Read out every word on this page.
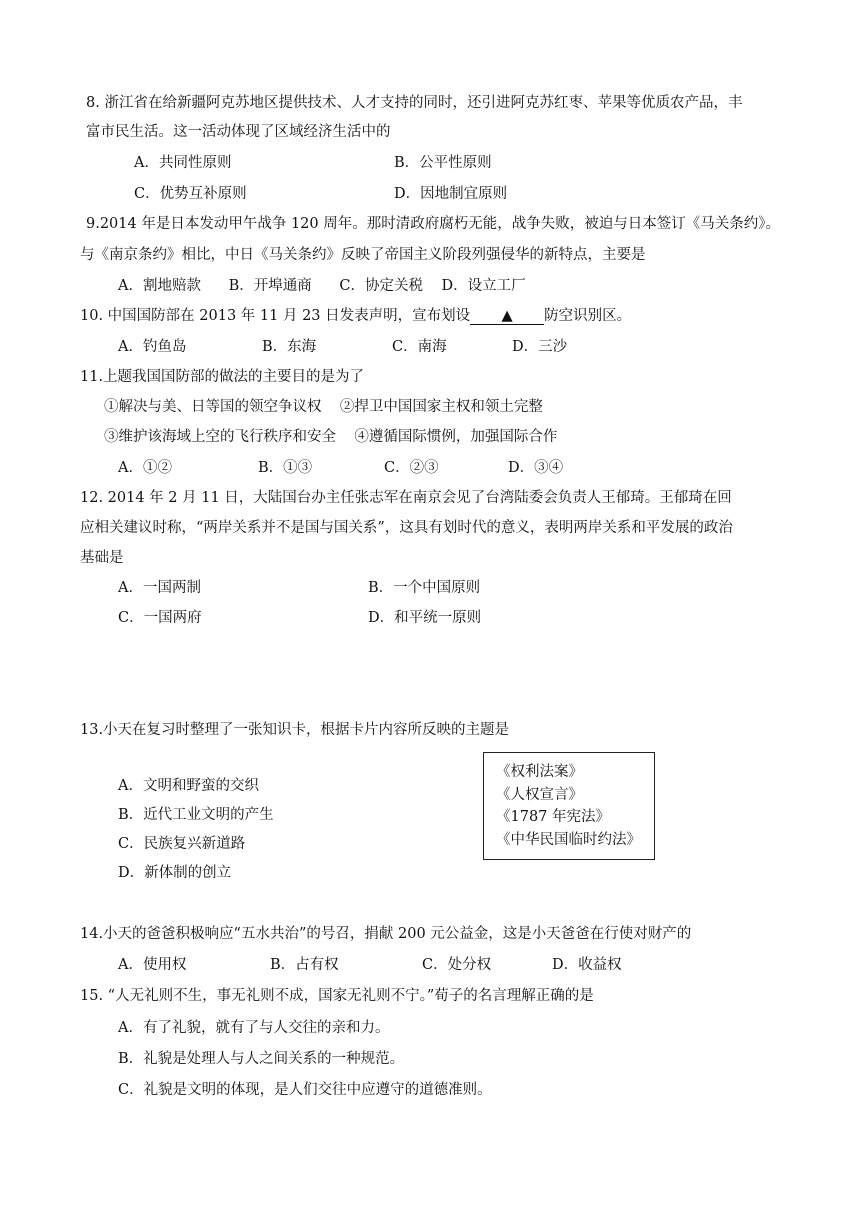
8. 浙江省在给新疆阿克苏地区提供技术、人才支持的同时，还引进阿克苏红枣、苹果等优质农产品，丰
富市民生活。这一活动体现了区域经济生活中的
A．共同性原则	B．公平性原则
C．优势互补原则	D．因地制宜原则
9.2014 年是日本发动甲午战争 120 周年。那时清政府腐朽无能，战争失败，被迫与日本签订《马关条约》。
与《南京条约》相比，中日《马关条约》反映了帝国主义阶段列强侵华的新特点，主要是
A．割地赔款      B．开埠通商      C．协定关税    D．设立工厂
10. 中国国防部在 2013 年 11 月 23 日发表声明，宣布划设 ▲ 防空识别区。
A．钓鱼岛	B．东海	C．南海	D．三沙
11.上题我国国防部的做法的主要目的是为了
①解决与美、日等国的领空争议权    ②捍卫中国国家主权和领土完整
③维护该海域上空的飞行秩序和安全    ④遵循国际惯例，加强国际合作
A．①②	B．①③	C．②③	D．③④
12. 2014 年 2 月 11 日，大陆国台办主任张志军在南京会见了台湾陆委会负责人王郁琦。王郁琦在回
应相关建议时称，“两岸关系并不是国与国关系”，这具有划时代的意义，表明两岸关系和平发展的政治
基础是
A．一国两制	B．一个中国原则
C．一国两府	D．和平统一原则
13.小天在复习时整理了一张知识卡，根据卡片内容所反映的主题是
A．文明和野蛮的交织
B．近代工业文明的产生
C．民族复兴新道路
D．新体制的创立
《权利法案》
《人权宣言》
《1787 年宪法》
《中华民国临时约法》
14.小天的爸爸积极响应“五水共治”的号召，捐献 200 元公益金，这是小天爸爸在行使对财产的
A．使用权	B．占有权	C．处分权	D．收益权
15. “人无礼则不生，事无礼则不成，国家无礼则不宁。”荀子的名言理解正确的是
A．有了礼貌，就有了与人交往的亲和力。
B．礼貌是处理人与人之间关系的一种规范。
C．礼貌是文明的体现，是人们交往中应遵守的道德准则。
